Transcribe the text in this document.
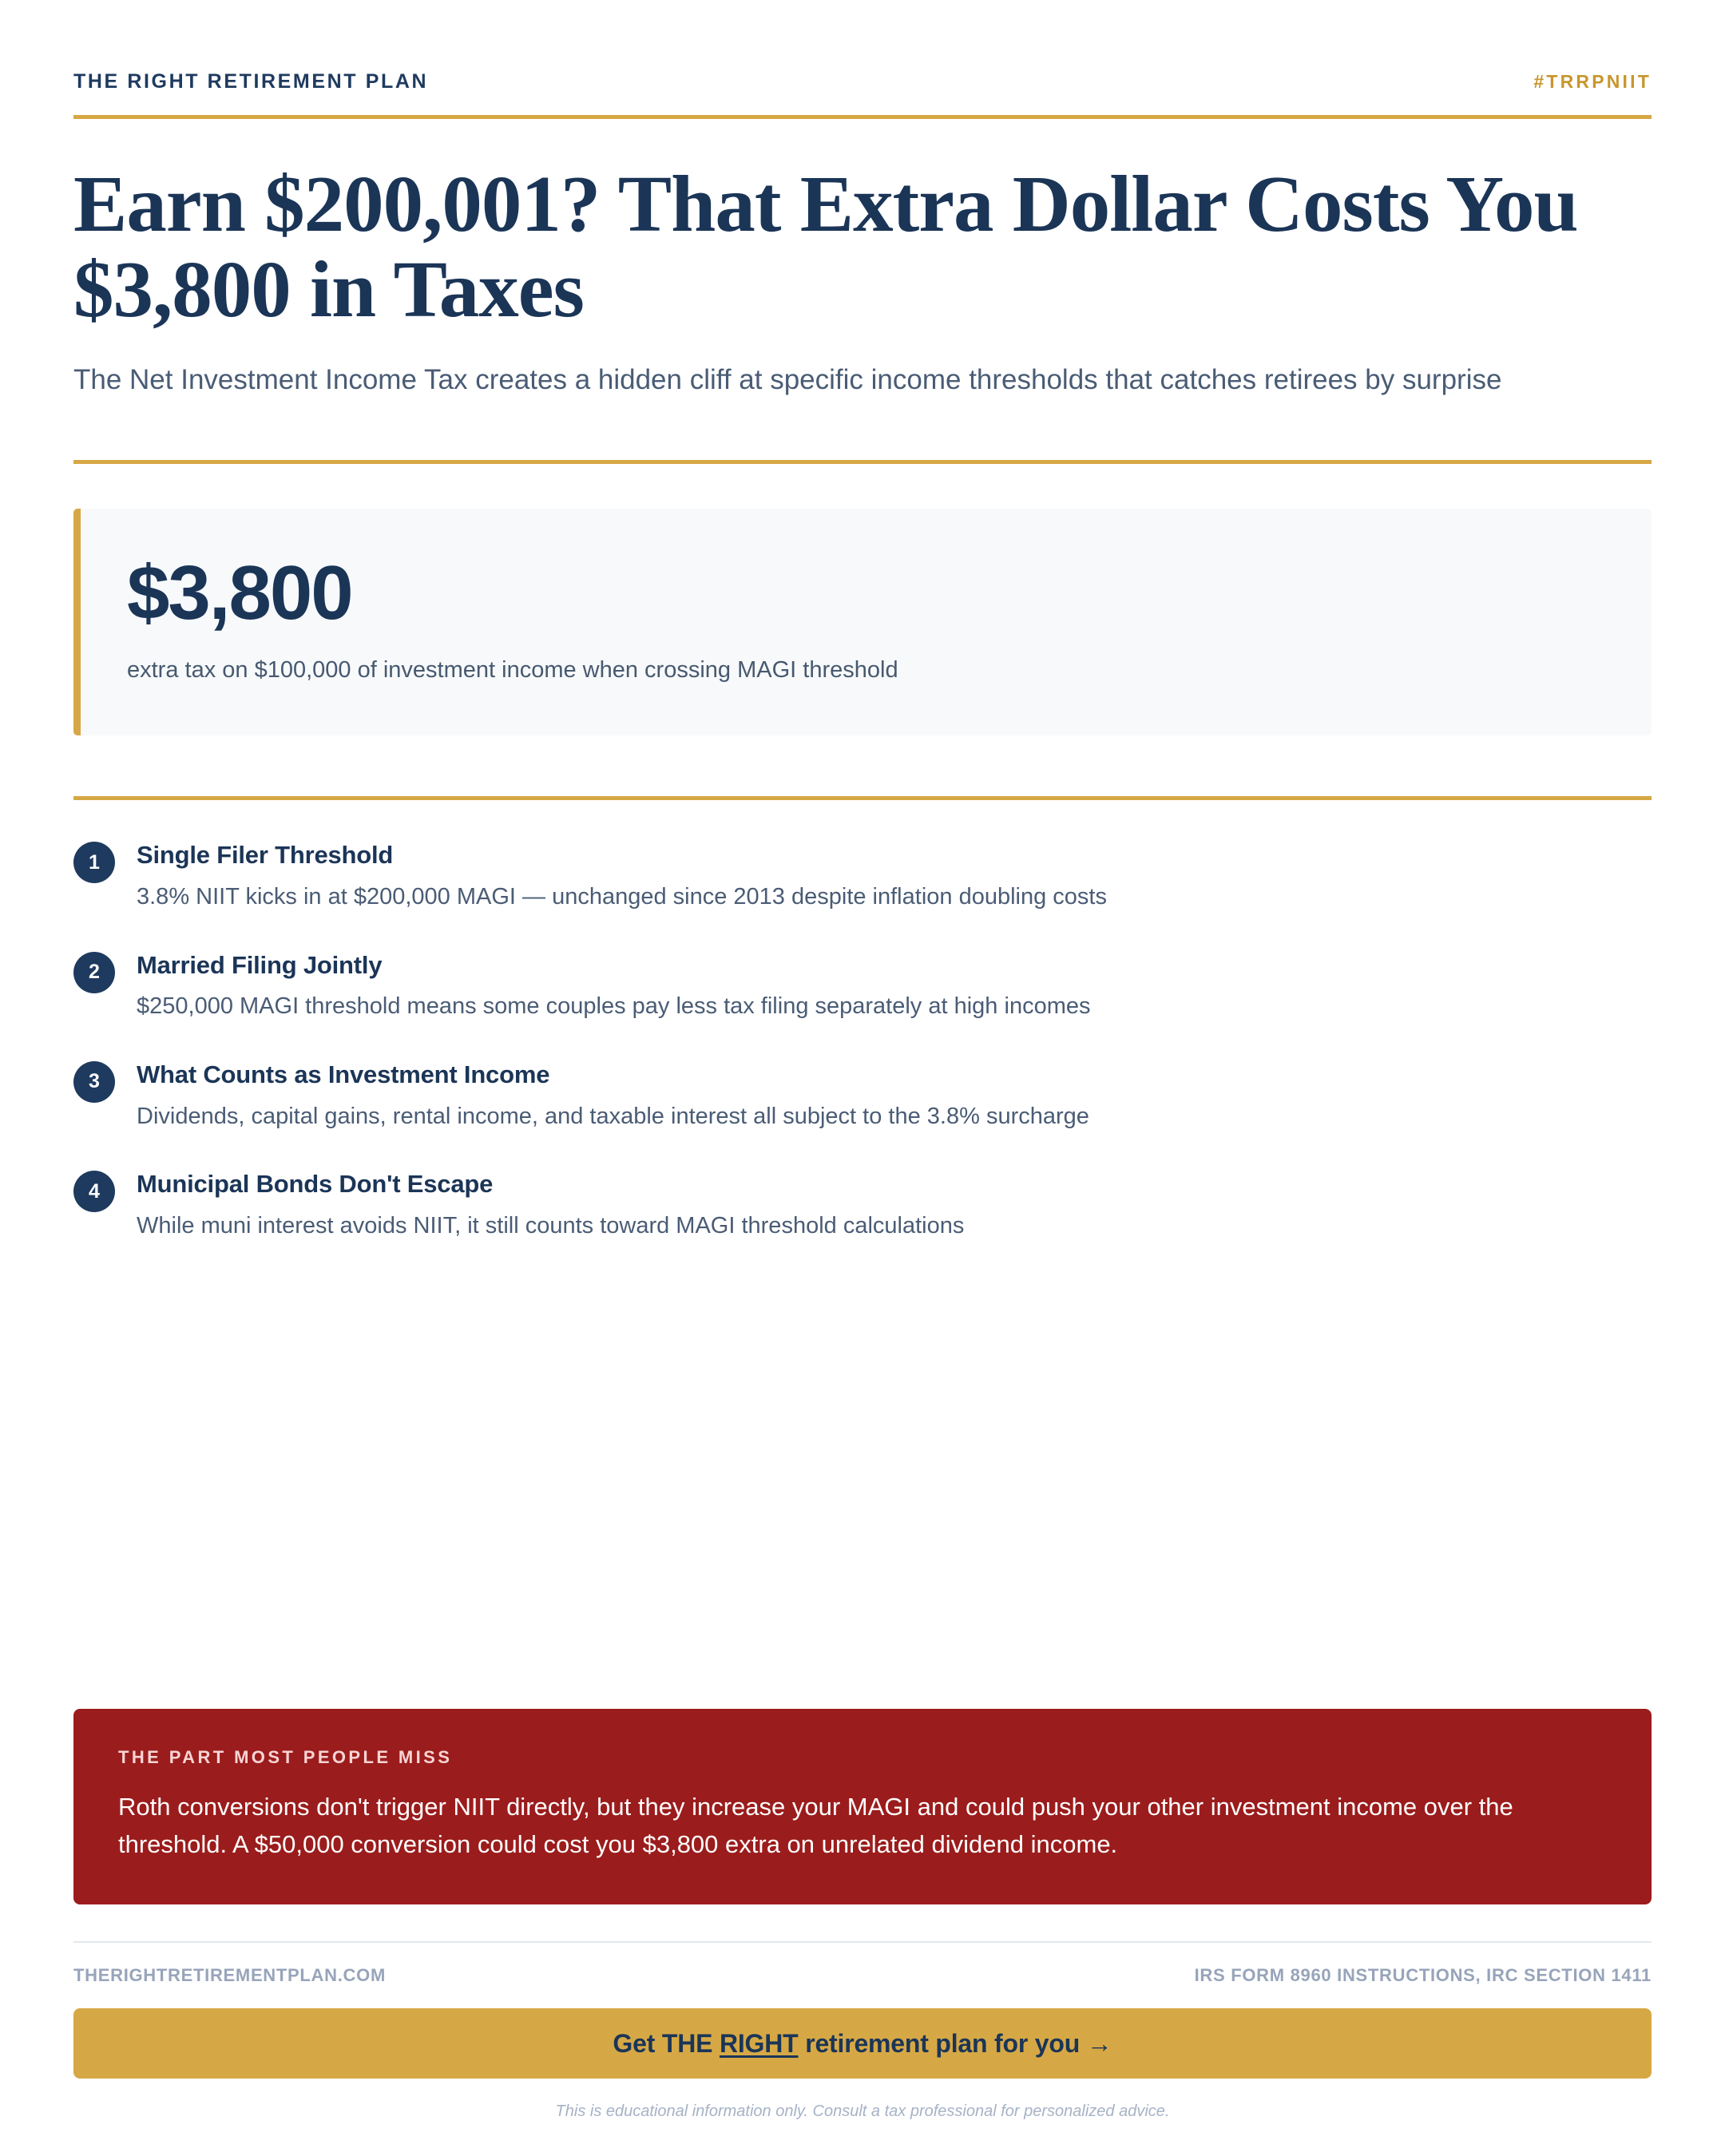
THE RIGHT RETIREMENT PLAN	#TRRPNIIT
Earn $200,001? That Extra Dollar Costs You $3,800 in Taxes

The Net Investment Income Tax creates a hidden cliff at specific income thresholds that catches retirees by surprise

$3,800
extra tax on $100,000 of investment income when crossing MAGI threshold
1	Single Filer Threshold
3.8% NIIT kicks in at $200,000 MAGI — unchanged since 2013 despite inflation doubling costs
2	Married Filing Jointly
$250,000 MAGI threshold means some couples pay less tax filing separately at high incomes
3	What Counts as Investment Income
Dividends, capital gains, rental income, and taxable interest all subject to the 3.8% surcharge
4	Municipal Bonds Don't Escape
While muni interest avoids NIIT, it still counts toward MAGI threshold calculations
THE PART MOST PEOPLE MISS
Roth conversions don't trigger NIIT directly, but they increase your MAGI and could push your other investment income over the threshold. A $50,000 conversion could cost you $3,800 extra on unrelated dividend income.
THERIGHTRETIREMENTPLAN.COM	IRS FORM 8960 INSTRUCTIONS, IRC SECTION 1411
Get THE RIGHT retirement plan for you →
This is educational information only. Consult a tax professional for personalized advice.
